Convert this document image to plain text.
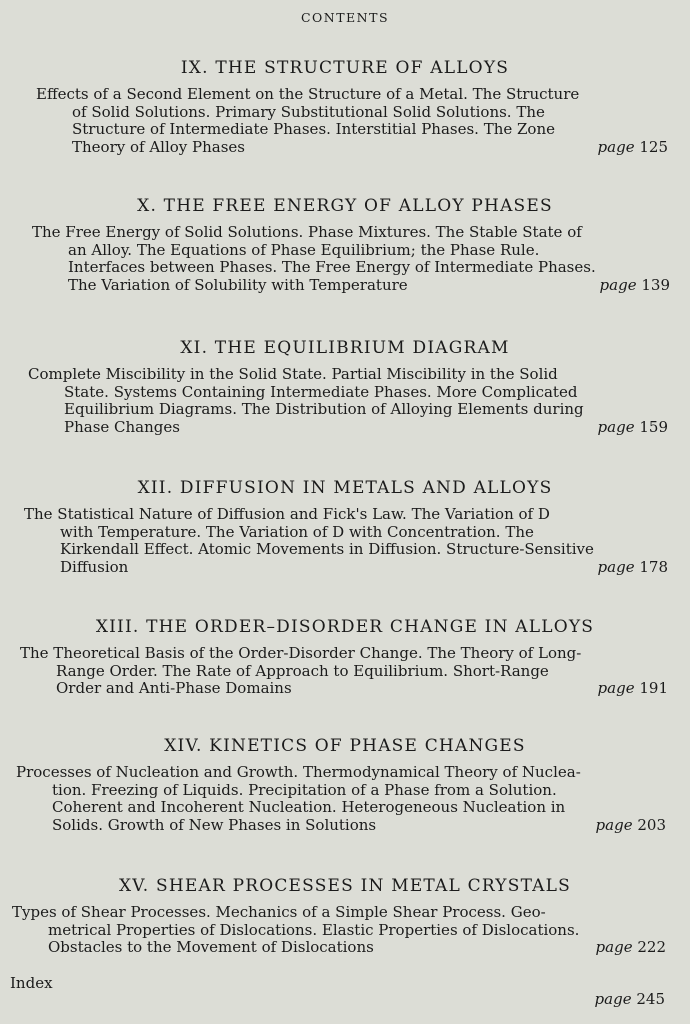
CONTENTS
IX. THE STRUCTURE OF ALLOYS
Effects of a Second Element on the Structure of a Metal. The Structure
of Solid Solutions. Primary Substitutional Solid Solutions. The
Structure of Intermediate Phases. Interstitial Phases. The Zone
page 125
Theory of Alloy Phases
X. THE FREE ENERGY OF ALLOY PHASES
The Free Energy of Solid Solutions. Phase Mixtures. The Stable State of
an Alloy. The Equations of Phase Equilibrium; the Phase Rule.
Interfaces between Phases. The Free Energy of Intermediate Phases.
page 139
The Variation of Solubility with Temperature
XI. THE EQUILIBRIUM DIAGRAM
Complete Miscibility in the Solid State. Partial Miscibility in the Solid
State. Systems Containing Intermediate Phases. More Complicated
Equilibrium Diagrams. The Distribution of Alloying Elements during
page 159
Phase Changes
XII. DIFFUSION IN METALS AND ALLOYS
The Statistical Nature of Diffusion and Fick's Law. The Variation of D
with Temperature. The Variation of D with Concentration. The
Kirkendall Effect. Atomic Movements in Diffusion. Structure-Sensitive
page 178
Diffusion
XIII. THE ORDER–DISORDER CHANGE IN ALLOYS
The Theoretical Basis of the Order-Disorder Change. The Theory of Long-
Range Order. The Rate of Approach to Equilibrium. Short-Range
page 191
Order and Anti-Phase Domains
XIV. KINETICS OF PHASE CHANGES
Processes of Nucleation and Growth. Thermodynamical Theory of Nuclea-
tion. Freezing of Liquids. Precipitation of a Phase from a Solution.
Coherent and Incoherent Nucleation. Heterogeneous Nucleation in
page 203
Solids. Growth of New Phases in Solutions
XV. SHEAR PROCESSES IN METAL CRYSTALS
Types of Shear Processes. Mechanics of a Simple Shear Process. Geo-
metrical Properties of Dislocations. Elastic Properties of Dislocations.
page 222
Obstacles to the Movement of Dislocations
Index
page 245
